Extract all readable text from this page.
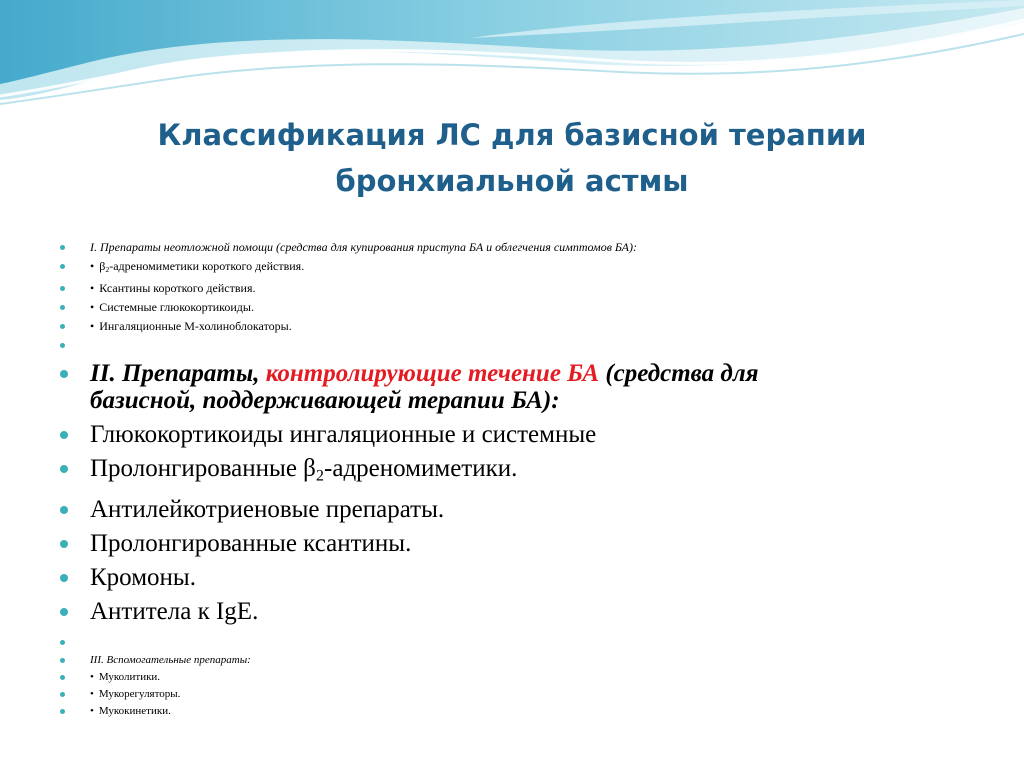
Классификация ЛС для базисной терапии
бронхиальной астмы
I. Препараты неотложной помощи (средства для купирования приступа БА и облегчения симптомов БА):
• $\beta_2$-адреномиметики короткого действия.
• Ксантины короткого действия.
• Системные глюкокортикоиды.
• Ингаляционные М-холиноблокаторы.
II. Препараты, контролирующие течение БА (средства для
базисной, поддерживающей терапии БА):
Глюкокортикоиды ингаляционные и системные
Пролонгированные $\beta_2$-адреномиметики.
Антилейкотриеновые препараты.
Пролонгированные ксантины.
Кромоны.
Антитела к IgE.
III. Вспомогательные препараты:
• Муколитики.
• Мукорегуляторы.
• Мукокинетики.
